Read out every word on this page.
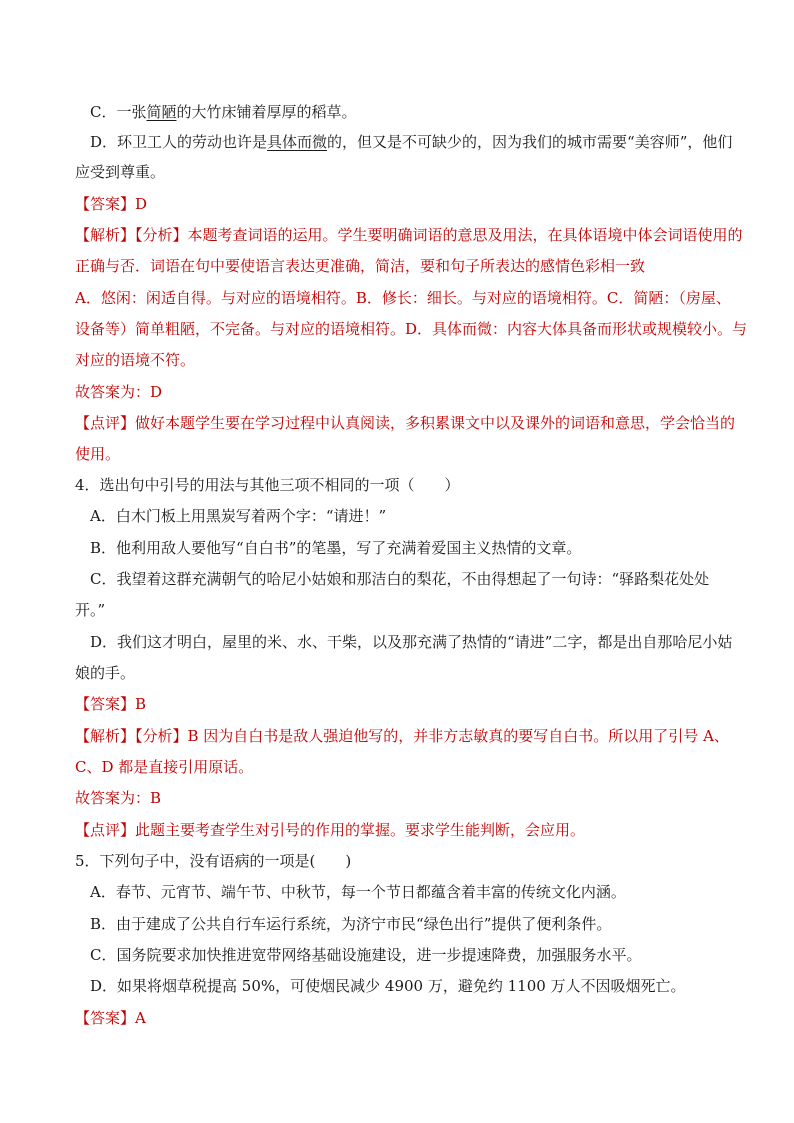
C．一张简陋的大竹床铺着厚厚的稻草。
D．环卫工人的劳动也许是具体而微的，但又是不可缺少的，因为我们的城市需要“美容师”，他们
应受到尊重。
【答案】D
【解析】【分析】本题考查词语的运用。学生要明确词语的意思及用法，在具体语境中体会词语使用的
正确与否．词语在句中要使语言表达更准确，简洁，要和句子所表达的感情色彩相一致
A．悠闲：闲适自得。与对应的语境相符。B．修长：细长。与对应的语境相符。C．简陋：（房屋、
设备等）简单粗陋，不完备。与对应的语境相符。D．具体而微：内容大体具备而形状或规模较小。与
对应的语境不符。
故答案为：D
【点评】做好本题学生要在学习过程中认真阅读，多积累课文中以及课外的词语和意思，学会恰当的
使用。
4．选出句中引号的用法与其他三项不相同的一项（　　）
A．白木门板上用黑炭写着两个字：“请进！”
B．他利用敌人要他写“自白书”的笔墨，写了充满着爱国主义热情的文章。
C．我望着这群充满朝气的哈尼小姑娘和那洁白的梨花，不由得想起了一句诗：“驿路梨花处处
开。”
D．我们这才明白，屋里的米、水、干柴，以及那充满了热情的“请进”二字，都是出自那哈尼小姑
娘的手。
【答案】B
【解析】【分析】B 因为自白书是敌人强迫他写的，并非方志敏真的要写自白书。所以用了引号 A、
C、D 都是直接引用原话。
故答案为：B
【点评】此题主要考查学生对引号的作用的掌握。要求学生能判断，会应用。
5．下列句子中，没有语病的一项是(　　)
A．春节、元宵节、端午节、中秋节，每一个节日都蕴含着丰富的传统文化内涵。
B．由于建成了公共自行车运行系统，为济宁市民“绿色出行”提供了便利条件。
C．国务院要求加快推进宽带网络基础设施建设，进一步提速降费，加强服务水平。
D．如果将烟草税提高 50%，可使烟民减少 4900 万，避免约 1100 万人不因吸烟死亡。
【答案】A
